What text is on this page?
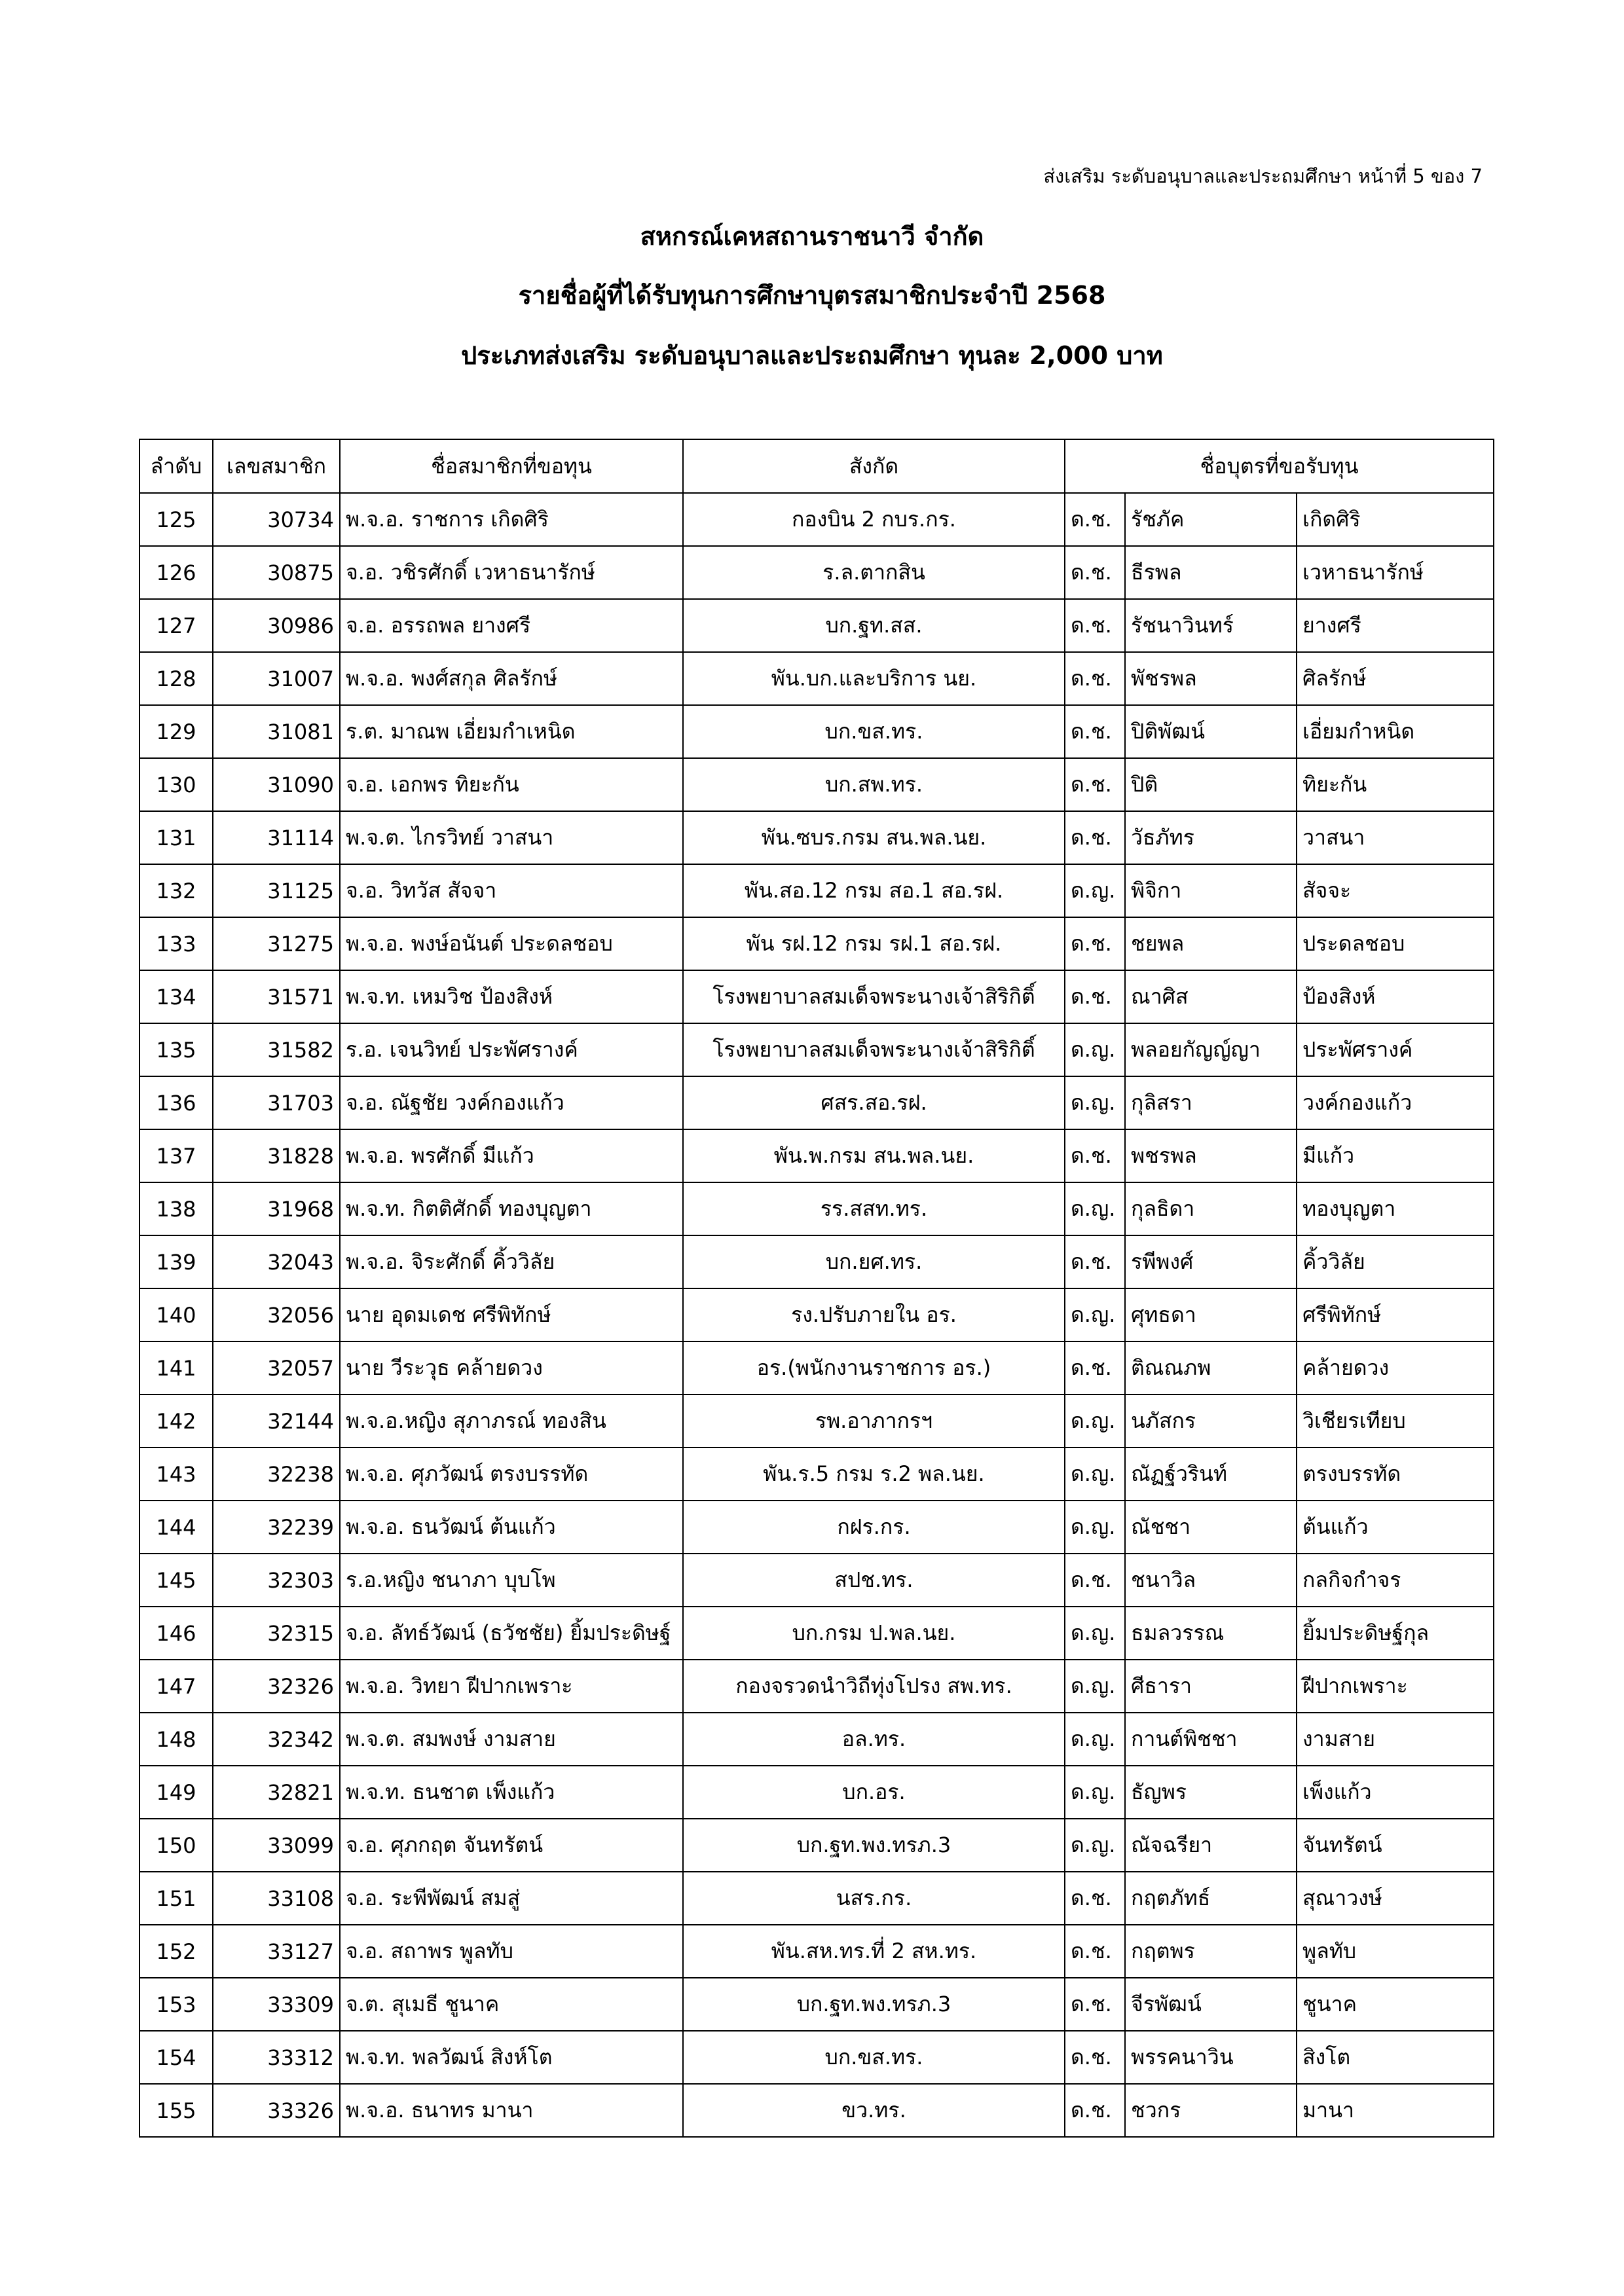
ส่งเสริม ระดับอนุบาลและประถมศึกษา หน้าที่ 5 ของ 7
สหกรณ์เคหสถานราชนาวี จำกัด
รายชื่อผู้ที่ได้รับทุนการศึกษาบุตรสมาชิกประจำปี 2568
ประเภทส่งเสริม ระดับอนุบาลและประถมศึกษา ทุนละ 2,000 บาท
ลำดับ	เลขสมาชิก	ชื่อสมาชิกที่ขอทุน	สังกัด	ชื่อบุตรที่ขอรับทุน		
125	30734	พ.จ.อ. ราชการ เกิดศิริ	กองบิน 2 กบร.กร.	ด.ช.	รัชภัค	เกิดศิริ
126	30875	จ.อ. วชิรศักดิ์ เวหาธนารักษ์	ร.ล.ตากสิน	ด.ช.	ธีรพล	เวหาธนารักษ์
127	30986	จ.อ. อรรถพล ยางศรี	บก.ฐท.สส.	ด.ช.	รัชนาวินทร์	ยางศรี
128	31007	พ.จ.อ. พงศ์สกุล ศิลรักษ์	พัน.บก.และบริการ นย.	ด.ช.	พัชรพล	ศิลรักษ์
129	31081	ร.ต. มาณพ เอี่ยมกำเหนิด	บก.ขส.ทร.	ด.ช.	ปิติพัฒน์	เอี่ยมกำหนิด
130	31090	จ.อ. เอกพร ทิยะกัน	บก.สพ.ทร.	ด.ช.	ปิติ	ทิยะกัน
131	31114	พ.จ.ต. ไกรวิทย์ วาสนา	พัน.ซบร.กรม สน.พล.นย.	ด.ช.	วัธภัทร	วาสนา
132	31125	จ.อ. วิทวัส สัจจา	พัน.สอ.12 กรม สอ.1 สอ.รฝ.	ด.ญ.	พิจิกา	สัจจะ
133	31275	พ.จ.อ. พงษ์อนันต์ ประดลชอบ	พัน รฝ.12 กรม รฝ.1 สอ.รฝ.	ด.ช.	ชยพล	ประดลชอบ
134	31571	พ.จ.ท. เหมวิช ป้องสิงห์	โรงพยาบาลสมเด็จพระนางเจ้าสิริกิติ์	ด.ช.	ณาศิส	ป้องสิงห์
135	31582	ร.อ. เจนวิทย์ ประพัศรางค์	โรงพยาบาลสมเด็จพระนางเจ้าสิริกิติ์	ด.ญ.	พลอยกัญญ์ญา	ประพัศรางค์
136	31703	จ.อ. ณัฐชัย วงค์กองแก้ว	ศสร.สอ.รฝ.	ด.ญ.	กุลิสรา	วงค์กองแก้ว
137	31828	พ.จ.อ. พรศักดิ์ มีแก้ว	พัน.พ.กรม สน.พล.นย.	ด.ช.	พชรพล	มีแก้ว
138	31968	พ.จ.ท. กิตติศักดิ์ ทองบุญตา	รร.สสท.ทร.	ด.ญ.	กุลธิดา	ทองบุญตา
139	32043	พ.จ.อ. จิระศักดิ์ คิ้ววิลัย	บก.ยศ.ทร.	ด.ช.	รพีพงศ์	คิ้ววิลัย
140	32056	นาย อุดมเดช ศรีพิทักษ์	รง.ปรับภายใน อร.	ด.ญ.	ศุทธดา	ศรีพิทักษ์
141	32057	นาย วีระวุธ คล้ายดวง	อร.(พนักงานราชการ อร.)	ด.ช.	ติณณภพ	คล้ายดวง
142	32144	พ.จ.อ.หญิง สุภาภรณ์ ทองสิน	รพ.อาภากรฯ	ด.ญ.	นภัสกร	วิเชียรเทียบ
143	32238	พ.จ.อ. ศุภวัฒน์ ตรงบรรทัด	พัน.ร.5 กรม ร.2 พล.นย.	ด.ญ.	ณัฏฐ์วรินท์	ตรงบรรทัด
144	32239	พ.จ.อ. ธนวัฒน์ ต้นแก้ว	กฝร.กร.	ด.ญ.	ณัชชา	ต้นแก้ว
145	32303	ร.อ.หญิง ชนาภา บุบโพ	สปช.ทร.	ด.ช.	ชนาวิล	กลกิจกำจร
146	32315	จ.อ. ลัทธ์วัฒน์ (ธวัชชัย) ยิ้มประดิษฐ์	บก.กรม ป.พล.นย.	ด.ญ.	ธมลวรรณ	ยิ้มประดิษฐ์กุล
147	32326	พ.จ.อ. วิทยา ฝีปากเพราะ	กองจรวดนำวิถีทุ่งโปรง สพ.ทร.	ด.ญ.	ศีธารา	ฝีปากเพราะ
148	32342	พ.จ.ต. สมพงษ์ งามสาย	อล.ทร.	ด.ญ.	กานต์พิชชา	งามสาย
149	32821	พ.จ.ท. ธนชาต เพ็งแก้ว	บก.อร.	ด.ญ.	ธัญพร	เพ็งแก้ว
150	33099	จ.อ. ศุภกฤต จันทรัตน์	บก.ฐท.พง.ทรภ.3	ด.ญ.	ณัจฉรียา	จันทรัตน์
151	33108	จ.อ. ระพีพัฒน์ สมสู่	นสร.กร.	ด.ช.	กฤตภัทธ์	สุณาวงษ์
152	33127	จ.อ. สถาพร พูลทับ	พัน.สห.ทร.ที่ 2 สห.ทร.	ด.ช.	กฤตพร	พูลทับ
153	33309	จ.ต. สุเมธี ชูนาค	บก.ฐท.พง.ทรภ.3	ด.ช.	จีรพัฒน์	ชูนาค
154	33312	พ.จ.ท. พลวัฒน์ สิงห์โต	บก.ขส.ทร.	ด.ช.	พรรคนาวิน	สิงโต
155	33326	พ.จ.อ. ธนาทร มานา	ขว.ทร.	ด.ช.	ชวกร	มานา
